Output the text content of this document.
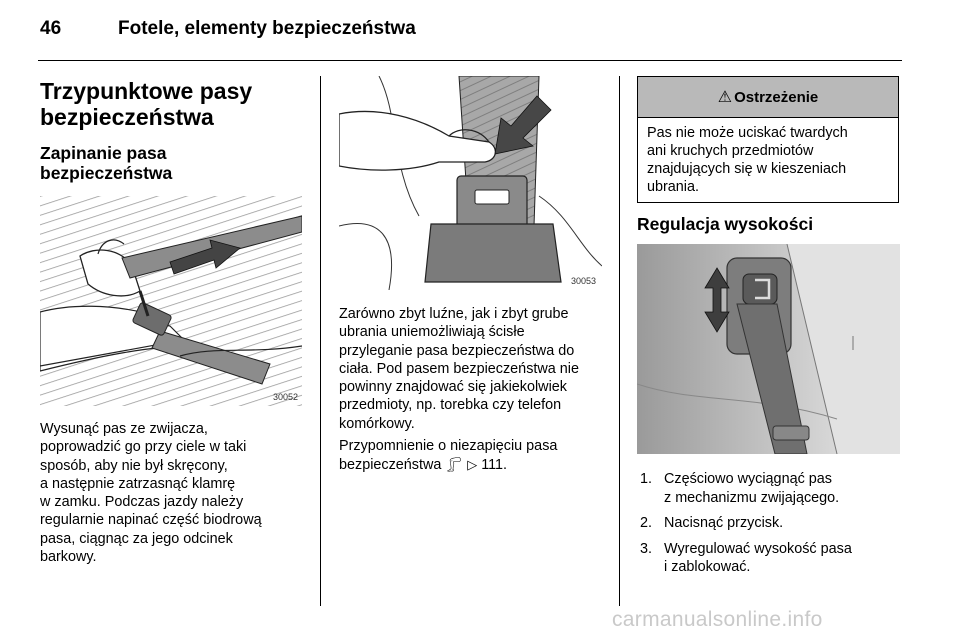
46	Fotele, elementy bezpieczeństwa
Trzypunktowe pasy
bezpieczeństwa
Zapinanie pasa
bezpieczeństwa
30052
Wysunąć pas ze zwijacza,
poprowadzić go przy ciele w taki
sposób, aby nie był skręcony,
a następnie zatrzasnąć klamrę
w zamku. Podczas jazdy należy
regularnie napinać część biodrową
pasa, ciągnąc za jego odcinek
barkowy.
30053
Zarówno zbyt luźne, jak i zbyt grube
ubrania uniemożliwiają ścisłe
przyleganie pasa bezpieczeństwa do
ciała. Pod pasem bezpieczeństwa nie
powinny znajdować się jakiekolwiek
przedmioty, np. torebka czy telefon
komórkowy.
Przypomnienie o niezapięciu pasa
bezpieczeństwa 🦵︎ ▷ 111.
⚠︎ Ostrzeżenie
Pas nie może uciskać twardych
ani kruchych przedmiotów
znajdujących się w kieszeniach
ubrania.
Regulacja wysokości
1. Częściowo wyciągnąć pas
z mechanizmu zwijającego.
2. Nacisnąć przycisk.
3. Wyregulować wysokość pasa
i zablokować.
carmanualsonline.info
